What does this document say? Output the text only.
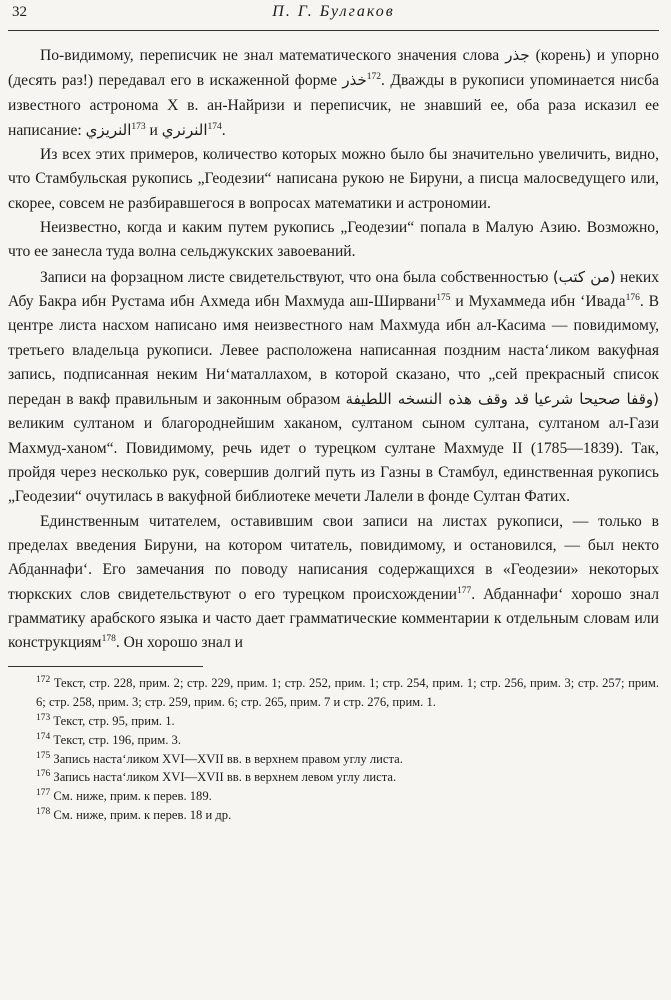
32	П. Г. Булгаков

По-видимому, переписчик не знал математического значения слова جذر (корень) и упорно (десять раз!) передавал его в искаженной форме خذر$^{172}$. Дважды в рукописи упоминается нисба известного астронома X в. ан-Найризи и переписчик, не знавший ее, оба раза исказил ее написание: النريزي$^{173}$ и النرنري$^{174}$.

Из всех этих примеров, количество которых можно было бы значительно увеличить, видно, что Стамбульская рукопись „Геодезии“ написана рукою не Бируни, а писца малосведущего или, скорее, совсем не разбиравшегося в вопросах математики и астрономии.

Неизвестно, когда и каким путем рукопись „Геодезии“ попала в Малую Азию. Возможно, что ее занесла туда волна сельджукских завоеваний.

Записи на форзацном листе свидетельствуют, что она была собственностью (من كتب) неких Абу Бакра ибн Рустама ибн Ахмеда ибн Махмуда аш-Ширвани$^{175}$ и Мухаммеда ибн ‘Ивада$^{176}$. В центре листа насхом написано имя неизвестного нам Махмуда ибн ал-Касима — повидимому, третьего владельца рукописи. Левее расположена написанная поздним наста‘ликом вакуфная запись, подписанная неким Ни‘маталлахом, в которой сказано, что „сей прекрасный список передан в вакф правильным и законным образом قد وقف هذه النسخه اللطيفة (وقفا صحيحا شرعيا великим султаном и благороднейшим хаканом, султаном сыном султана, султаном ал-Гази Махмуд-ханом“. Повидимому, речь идет о турецком султане Махмуде II (1785—1839). Так, пройдя через несколько рук, совершив долгий путь из Газны в Стамбул, единственная рукопись „Геодезии“ очутилась в вакуфной библиотеке мечети Лалели в фонде Султан Фатих.

Единственным читателем, оставившим свои записи на листах рукописи, — только в пределах введения Бируни, на котором читатель, повидимому, и остановился, — был некто Абданнафи‘. Его замечания по поводу написания содержащихся в «Геодезии» некоторых тюркских слов свидетельствуют о его турецком происхождении$^{177}$. Абданнафи‘ хорошо знал грамматику арабского языка и часто дает грамматические комментарии к отдельным словам или конструкциям$^{178}$. Он хорошо знал и

$^{172}$ Текст, стр. 228, прим. 2; стр. 229, прим. 1; стр. 252, прим. 1; стр. 254, прим. 1; стр. 256, прим. 3; стр. 257; прим. 6; стр. 258, прим. 3; стр. 259, прим. 6; стр. 265, прим. 7 и стр. 276, прим. 1.
$^{173}$ Текст, стр. 95, прим. 1.
$^{174}$ Текст, стр. 196, прим. 3.
$^{175}$ Запись наста‘ликом XVI—XVII вв. в верхнем правом углу листа.
$^{176}$ Запись наста‘ликом XVI—XVII вв. в верхнем левом углу листа.
$^{177}$ См. ниже, прим. к перев. 189.
$^{178}$ См. ниже, прим. к перев. 18 и др.
